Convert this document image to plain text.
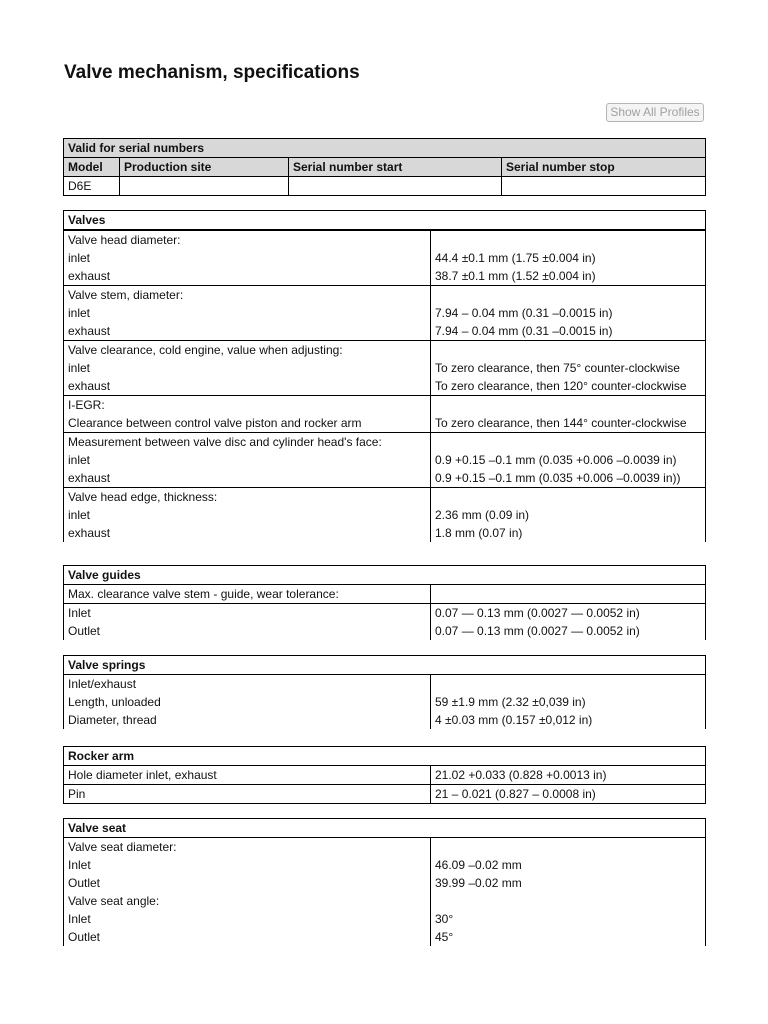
Valve mechanism, specifications
Show All Profiles
Valid for serial numbers			
Model	Production site	Serial number start	Serial number stop
D6E			
Valves	
Valve head diameter:	
inlet	44.4 ±0.1 mm (1.75 ±0.004 in)
exhaust	38.7 ±0.1 mm (1.52 ±0.004 in)
Valve stem, diameter:	
inlet	7.94 – 0.04 mm (0.31 –0.0015 in)
exhaust	7.94 – 0.04 mm (0.31 –0.0015 in)
Valve clearance, cold engine, value when adjusting:	
inlet	To zero clearance, then 75° counter-clockwise
exhaust	To zero clearance, then 120° counter-clockwise
I-EGR:	
Clearance between control valve piston and rocker arm	To zero clearance, then 144° counter-clockwise
Measurement between valve disc and cylinder head's face:	
inlet	0.9 +0.15 –0.1 mm (0.035 +0.006 –0.0039 in)
exhaust	0.9 +0.15 –0.1 mm (0.035 +0.006 –0.0039 in))
Valve head edge, thickness:	
inlet	2.36 mm (0.09 in)
exhaust	1.8 mm (0.07 in)
Valve guides	
Max. clearance valve stem - guide, wear tolerance:	
Inlet	0.07 — 0.13 mm (0.0027 — 0.0052 in)
Outlet	0.07 — 0.13 mm (0.0027 — 0.0052 in)
Valve springs	
Inlet/exhaust	
Length, unloaded	59 ±1.9 mm (2.32 ±0,039 in)
Diameter, thread	4 ±0.03 mm (0.157 ±0,012 in)
Rocker arm	
Hole diameter inlet, exhaust	21.02 +0.033 (0.828 +0.0013 in)
Pin	21 – 0.021 (0.827 – 0.0008 in)
Valve seat	
Valve seat diameter:	
Inlet	46.09 –0.02 mm
Outlet	39.99 –0.02 mm
Valve seat angle:	
Inlet	30°
Outlet	45°
